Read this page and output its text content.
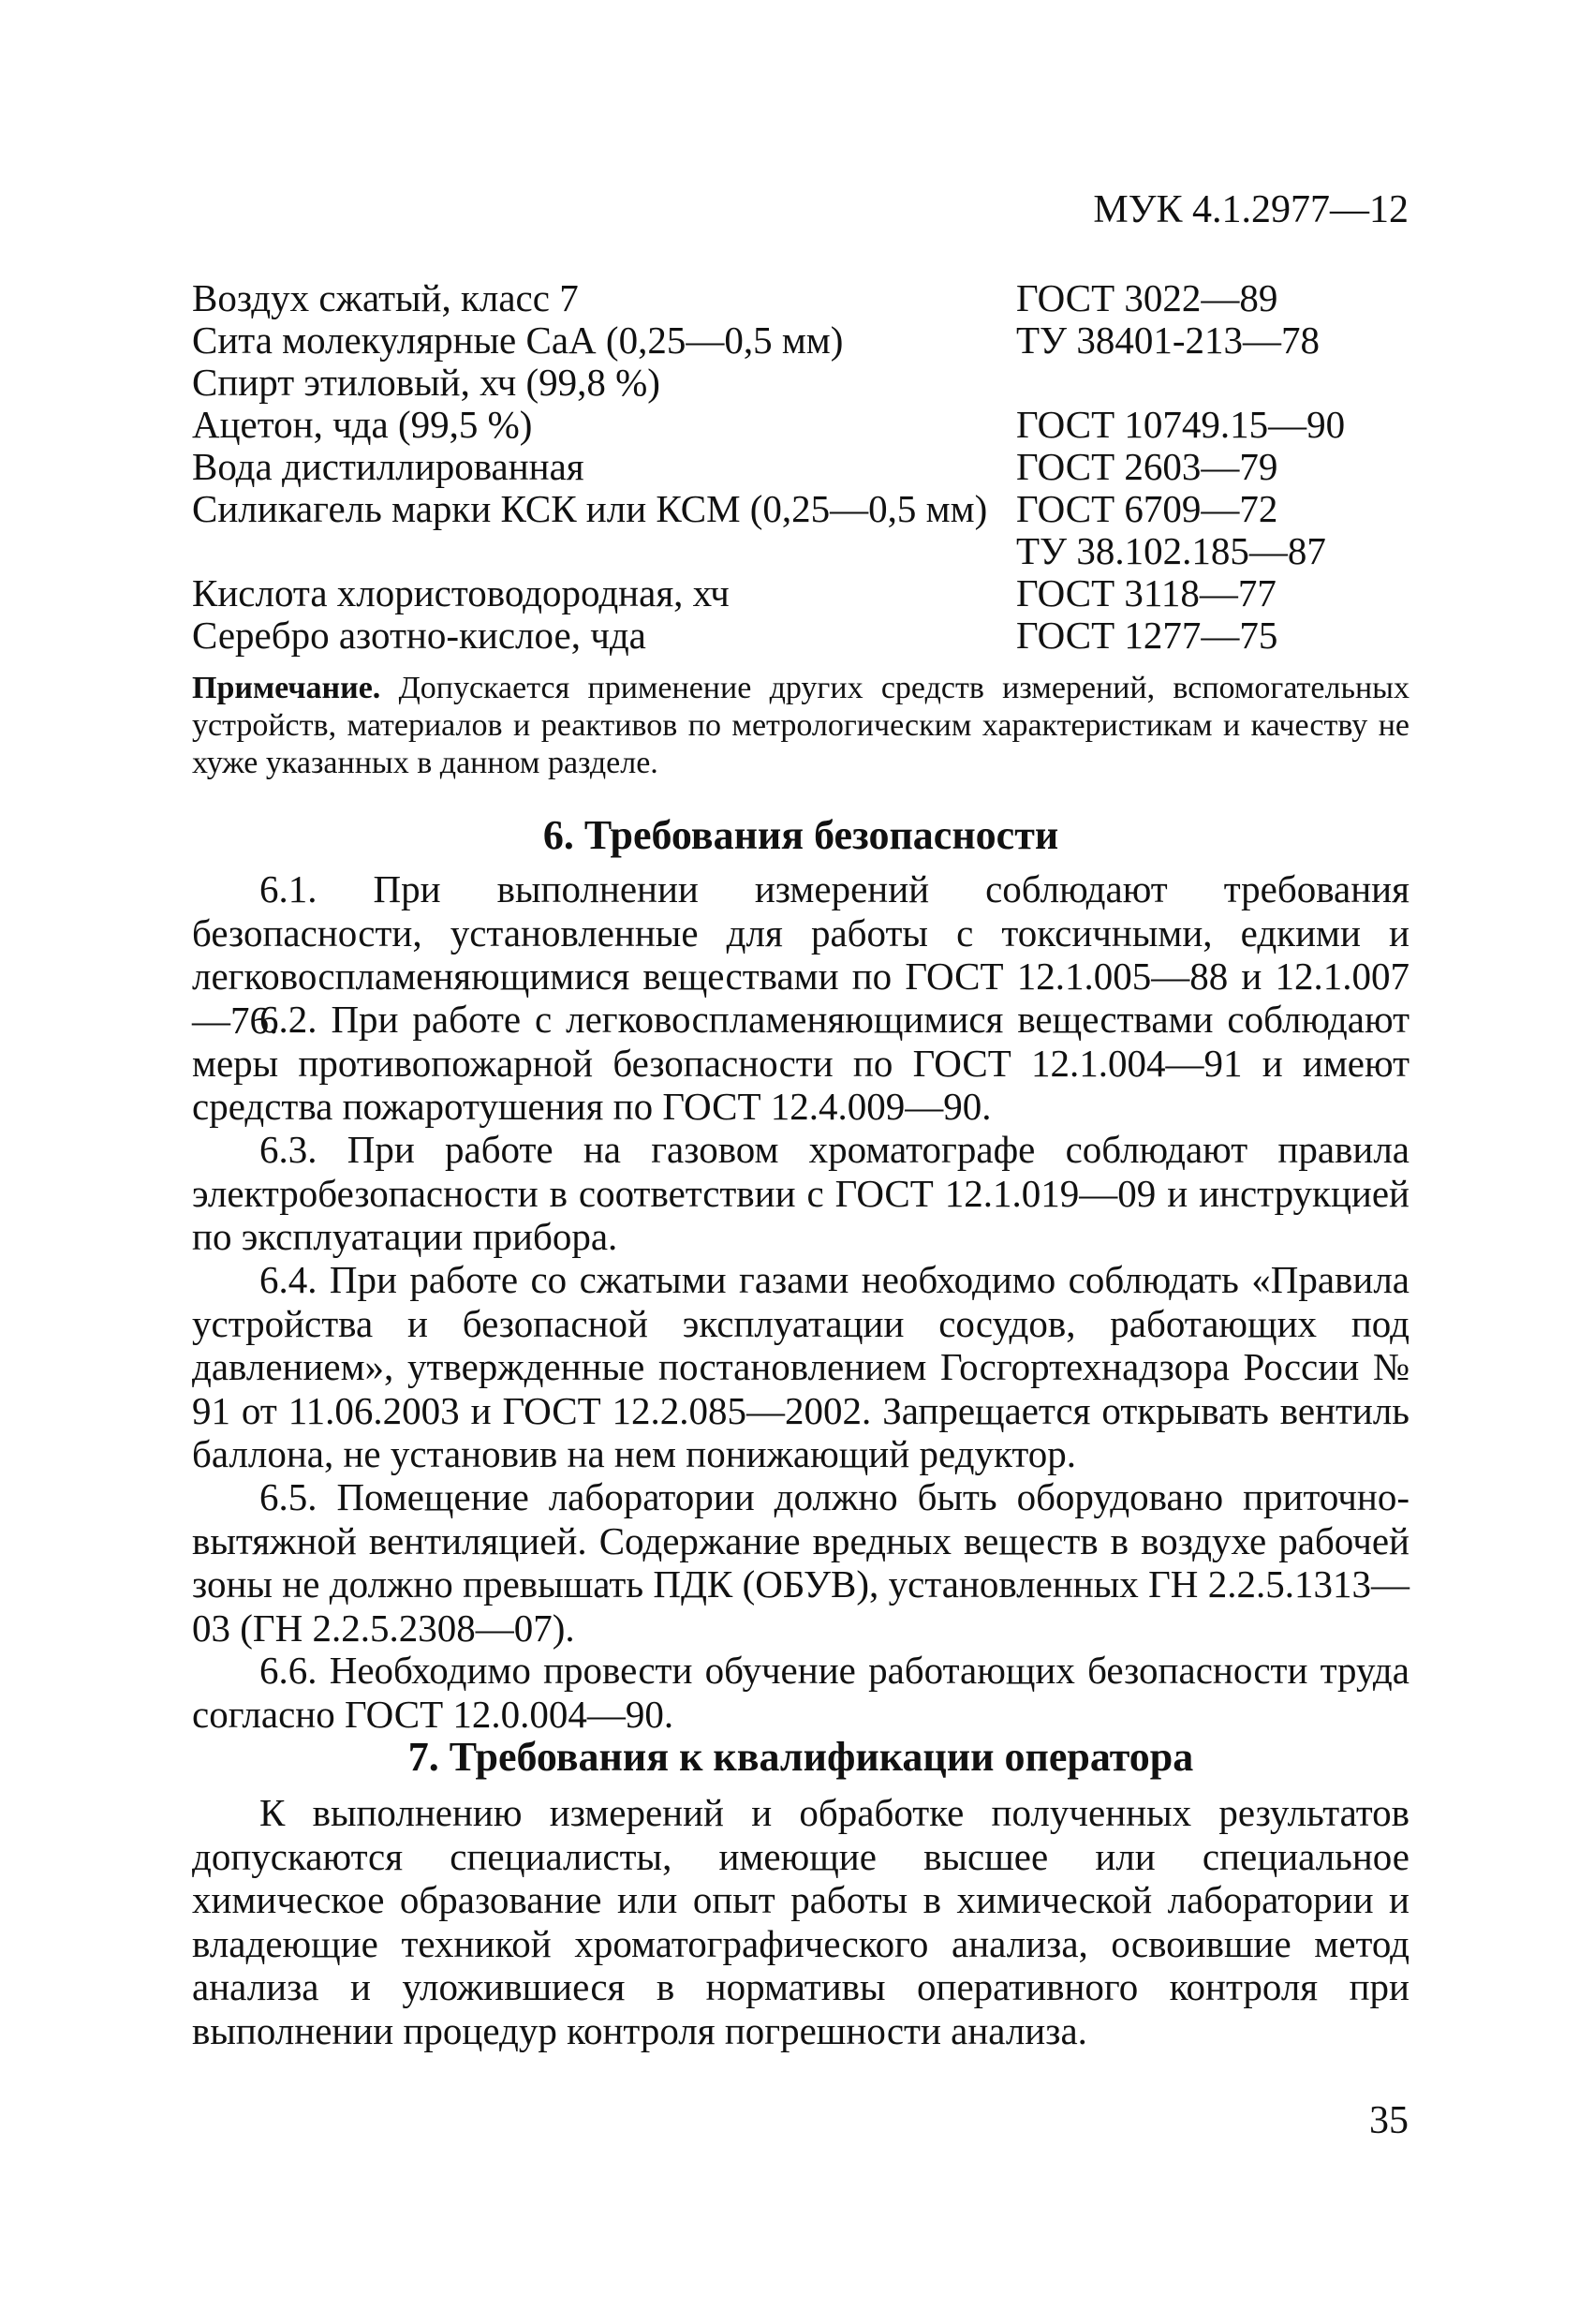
МУК 4.1.2977—12
Воздух сжатый, класс 7	ГОСТ 3022—89
Сита молекулярные СаА (0,25—0,5 мм)	ТУ 38401-213—78
Спирт этиловый, хч (99,8 %)
Ацетон, чда (99,5 %)	ГОСТ 10749.15—90
Вода дистиллированная	ГОСТ 2603—79
Силикагель марки КСК или КСМ (0,25—0,5 мм) ГОСТ 6709—72
ТУ 38.102.185—87
Кислота хлористоводородная, хч	ГОСТ 3118—77
Серебро азотно-кислое, чда	ГОСТ 1277—75
Примечание. Допускается применение других средств измерений, вспомогательных устройств, материалов и реактивов по метрологическим характеристикам и качеству не хуже указанных в данном разделе.
6. Требования безопасности

6.1. При выполнении измерений соблюдают требования безопасности, установленные для работы с токсичными, едкими и легковоспламеняющимися веществами по ГОСТ 12.1.005—88 и 12.1.007—76.

6.2. При работе с легковоспламеняющимися веществами соблюдают меры противопожарной безопасности по ГОСТ 12.1.004—91 и имеют средства пожаротушения по ГОСТ 12.4.009—90.

6.3. При работе на газовом хроматографе соблюдают правила электробезопасности в соответствии с ГОСТ 12.1.019—09 и инструкцией по эксплуатации прибора.

6.4. При работе со сжатыми газами необходимо соблюдать «Правила устройства и безопасной эксплуатации сосудов, работающих под давлением», утвержденные постановлением Госгортехнадзора России № 91 от 11.06.2003 и ГОСТ 12.2.085—2002. Запрещается открывать вентиль баллона, не установив на нем понижающий редуктор.

6.5. Помещение лаборатории должно быть оборудовано приточно-вытяжной вентиляцией. Содержание вредных веществ в воздухе рабочей зоны не должно превышать ПДК (ОБУВ), установленных ГН 2.2.5.1313—03 (ГН 2.2.5.2308—07).

6.6. Необходимо провести обучение работающих безопасности труда согласно ГОСТ 12.0.004—90.

7. Требования к квалификации оператора

К выполнению измерений и обработке полученных результатов допускаются специалисты, имеющие высшее или специальное химическое образование или опыт работы в химической лаборатории и владеющие техникой хроматографического анализа, освоившие метод анализа и уложившиеся в нормативы оперативного контроля при выполнении процедур контроля погрешности анализа.

35
